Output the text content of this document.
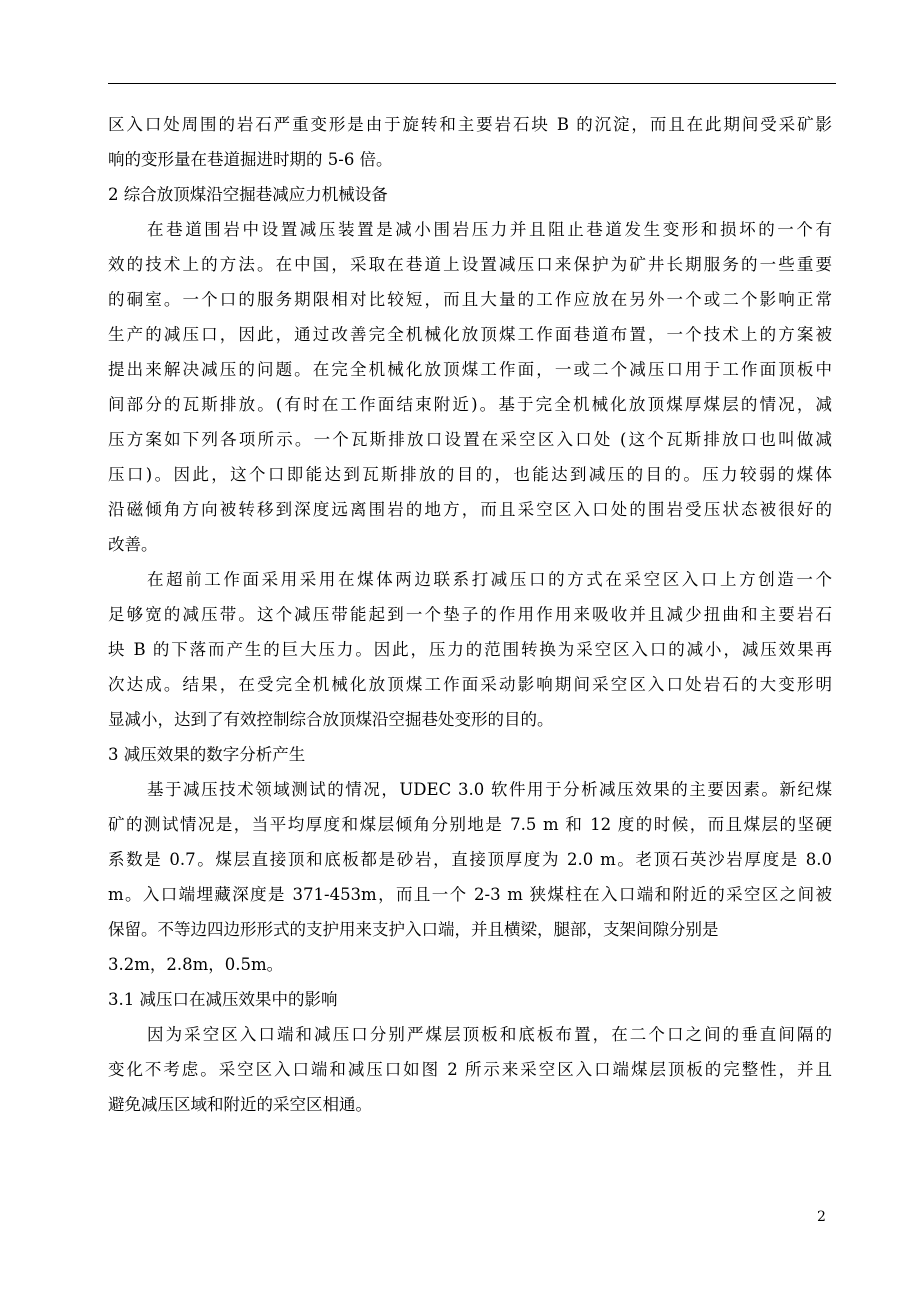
区入口处周围的岩石严重变形是由于旋转和主要岩石块 B 的沉淀，而且在此期间受采矿影
响的变形量在巷道掘进时期的 5-6 倍。
2 综合放顶煤沿空掘巷减应力机械设备
在巷道围岩中设置减压装置是减小围岩压力并且阻止巷道发生变形和损坏的一个有
效的技术上的方法。在中国，采取在巷道上设置减压口来保护为矿井长期服务的一些重要
的硐室。一个口的服务期限相对比较短，而且大量的工作应放在另外一个或二个影响正常
生产的减压口，因此，通过改善完全机械化放顶煤工作面巷道布置，一个技术上的方案被
提出来解决减压的问题。在完全机械化放顶煤工作面，一或二个减压口用于工作面顶板中
间部分的瓦斯排放。(有时在工作面结束附近)。基于完全机械化放顶煤厚煤层的情况，减
压方案如下列各项所示。一个瓦斯排放口设置在采空区入口处 (这个瓦斯排放口也叫做减
压口)。因此，这个口即能达到瓦斯排放的目的，也能达到减压的目的。压力较弱的煤体
沿磁倾角方向被转移到深度远离围岩的地方，而且采空区入口处的围岩受压状态被很好的
改善。
在超前工作面采用采用在煤体两边联系打减压口的方式在采空区入口上方创造一个
足够宽的减压带。这个减压带能起到一个垫子的作用作用来吸收并且减少扭曲和主要岩石
块 B 的下落而产生的巨大压力。因此，压力的范围转换为采空区入口的减小，减压效果再
次达成。结果，在受完全机械化放顶煤工作面采动影响期间采空区入口处岩石的大变形明
显减小，达到了有效控制综合放顶煤沿空掘巷处变形的目的。
3 减压效果的数字分析产生
基于减压技术领域测试的情况，UDEC 3.0 软件用于分析减压效果的主要因素。新纪煤
矿的测试情况是，当平均厚度和煤层倾角分别地是 7.5 m 和 12 度的时候，而且煤层的坚硬
系数是 0.7。煤层直接顶和底板都是砂岩，直接顶厚度为 2.0 m。老顶石英沙岩厚度是 8.0
m。入口端埋藏深度是 371-453m，而且一个 2-3 m 狭煤柱在入口端和附近的采空区之间被
保留。不等边四边形形式的支护用来支护入口端，并且横梁，腿部，支架间隙分别是
3.2m，2.8m，0.5m。
3.1 减压口在减压效果中的影响
因为采空区入口端和减压口分别严煤层顶板和底板布置，在二个口之间的垂直间隔的
变化不考虑。采空区入口端和减压口如图 2 所示来采空区入口端煤层顶板的完整性，并且
避免减压区域和附近的采空区相通。
2
